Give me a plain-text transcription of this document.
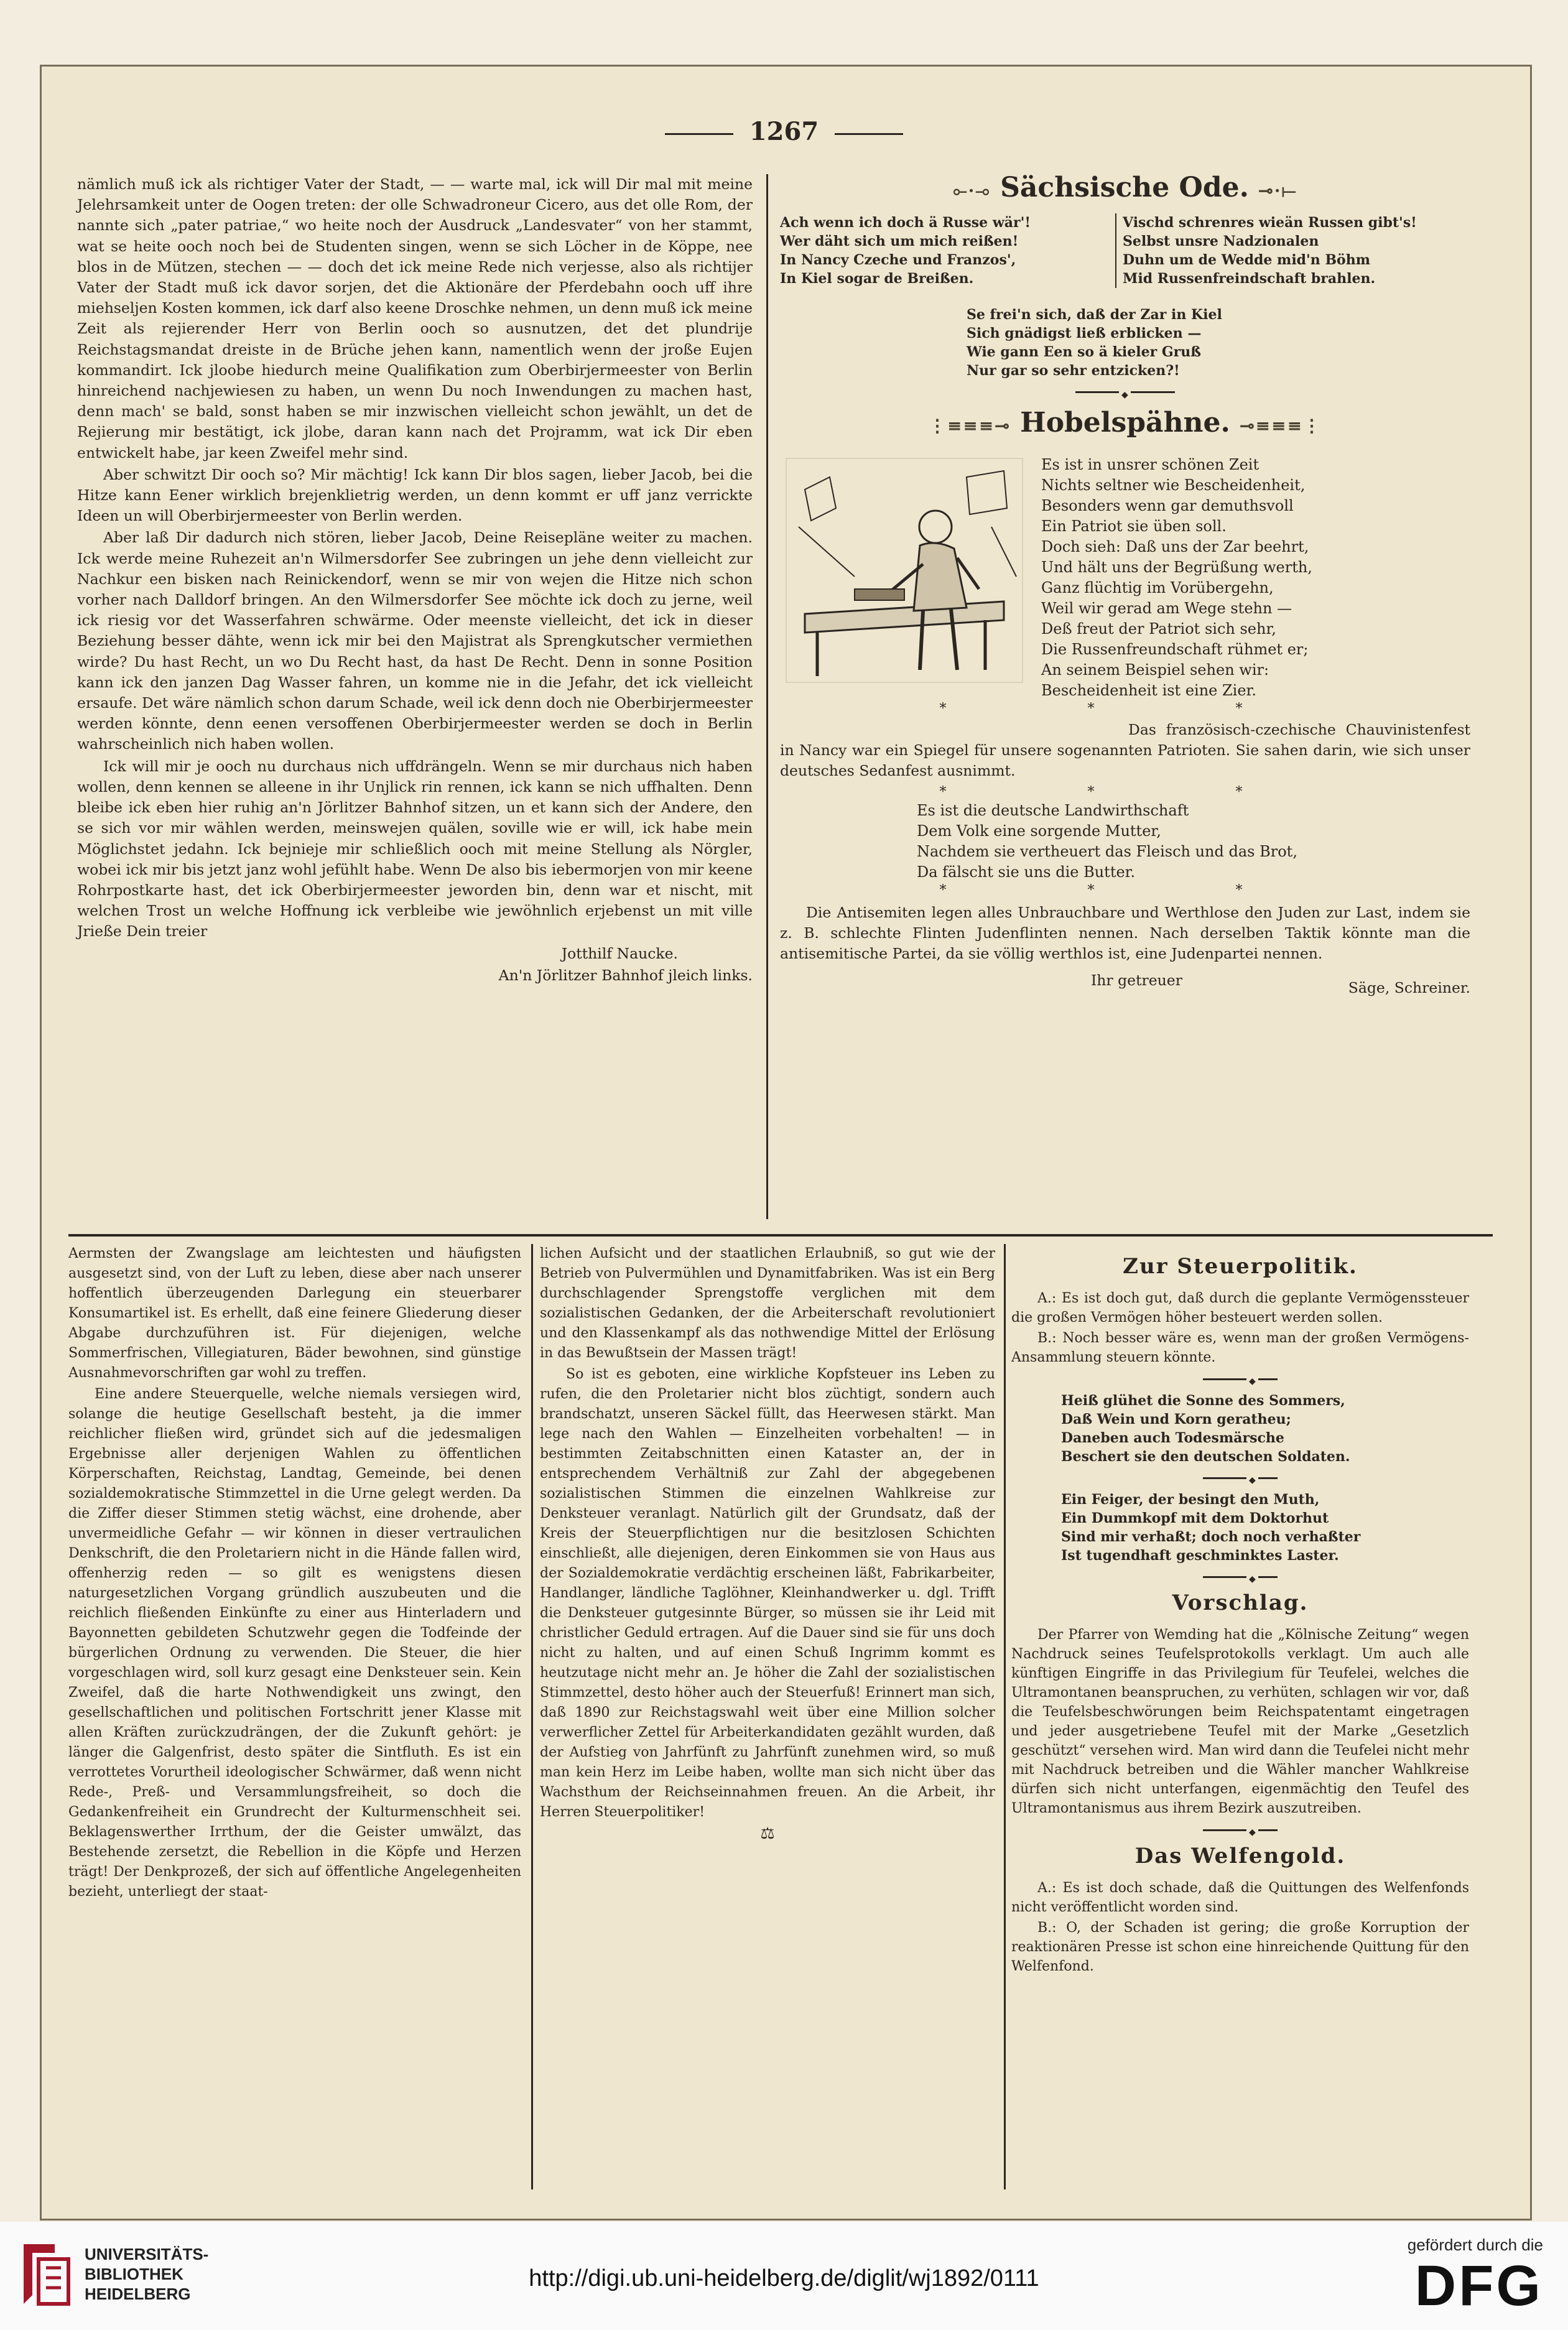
1267

nämlich muß ick als richtiger Vater der Stadt, — — warte mal, ick will Dir mal mit meine Jelehrsamkeit unter de Oogen treten: der olle Schwadroneur Cicero, aus det olle Rom, der nannte sich „pater patriae,“ wo heite noch der Ausdruck „Landesvater“ von her stammt, wat se heite ooch noch bei de Studenten singen, wenn se sich Löcher in de Köppe, nee blos in de Mützen, stechen — — doch det ick meine Rede nich verjesse, also als richtijer Vater der Stadt muß ick davor sorjen, det die Aktionäre der Pferdebahn ooch uff ihre miehseljen Kosten kommen, ick darf also keene Droschke nehmen, un denn muß ick meine Zeit als rejierender Herr von Berlin ooch so ausnutzen, det det plundrije Reichstagsmandat dreiste in de Brüche jehen kann, namentlich wenn der jroße Eujen kommandirt. Ick jloobe hiedurch meine Qualifikation zum Oberbirjermeester von Berlin hinreichend nachjewiesen zu haben, un wenn Du noch Inwendungen zu machen hast, denn mach' se bald, sonst haben se mir inzwischen vielleicht schon jewählt, un det de Rejierung mir bestätigt, ick jlobe, daran kann nach det Projramm, wat ick Dir eben entwickelt habe, jar keen Zweifel mehr sind.

Aber schwitzt Dir ooch so? Mir mächtig! Ick kann Dir blos sagen, lieber Jacob, bei die Hitze kann Eener wirklich brejenklietrig werden, un denn kommt er uff janz verrickte Ideen un will Oberbirjermeester von Berlin werden.

Aber laß Dir dadurch nich stören, lieber Jacob, Deine Reisepläne weiter zu machen. Ick werde meine Ruhezeit an'n Wilmersdorfer See zubringen un jehe denn vielleicht zur Nachkur een bisken nach Reinickendorf, wenn se mir von wejen die Hitze nich schon vorher nach Dalldorf bringen. An den Wilmersdorfer See möchte ick doch zu jerne, weil ick riesig vor det Wasserfahren schwärme. Oder meenste vielleicht, det ick in dieser Beziehung besser dähte, wenn ick mir bei den Majistrat als Sprengkutscher vermiethen wirde? Du hast Recht, un wo Du Recht hast, da hast De Recht. Denn in sonne Position kann ick den janzen Dag Wasser fahren, un komme nie in die Jefahr, det ick vielleicht ersaufe. Det wäre nämlich schon darum Schade, weil ick denn doch nie Oberbirjermeester werden könnte, denn eenen versoffenen Oberbirjermeester werden se doch in Berlin wahrscheinlich nich haben wollen.

Ick will mir je ooch nu durchaus nich uffdrängeln. Wenn se mir durchaus nich haben wollen, denn kennen se alleene in ihr Unjlick rin rennen, ick kann se nich uffhalten. Denn bleibe ick eben hier ruhig an'n Jörlitzer Bahnhof sitzen, un et kann sich der Andere, den se sich vor mir wählen werden, meinswejen quälen, soville wie er will, ick habe mein Möglichstet jedahn. Ick bejnieje mir schließlich ooch mit meine Stellung als Nörgler, wobei ick mir bis jetzt janz wohl jefühlt habe. Wenn De also bis iebermorjen von mir keene Rohrpostkarte hast, det ick Oberbirjermeester jeworden bin, denn war et nischt, mit welchen Trost un welche Hoffnung ick verbleibe wie jewöhnlich erjebenst un mit ville Jrieße Dein treier

Jotthilf Naucke.

An'n Jörlitzer Bahnhof jleich links.

⟜·⊸ Sächsische Ode. ⊸·⟝
Ach wenn ich doch ä Russe wär'!
Wer däht sich um mich reißen!
In Nancy Czeche und Franzos',
In Kiel sogar de Breißen.
Vischd schrenres wieän Russen gibt's!
Selbst unsre Nadzionalen
Duhn um de Wedde mid'n Böhm
Mid Russenfreindschaft brahlen.
Se frei'n sich, daß der Zar in Kiel
Sich gnädigst ließ erblicken —
Wie gann Een so ä kieler Gruß
Nur gar so sehr entzicken?!
◆
⋮≡≡≡⊸ Hobelspähne. ⊸≡≡≡⋮
Es ist in unsrer schönen Zeit
Nichts seltner wie Bescheidenheit,
Besonders wenn gar demuthsvoll
Ein Patriot sie üben soll.
Doch sieh: Daß uns der Zar beehrt,
Und hält uns der Begrüßung werth,
Ganz flüchtig im Vorübergehn,
Weil wir gerad am Wege stehn —
Deß freut der Patriot sich sehr,
Die Russenfreundschaft rühmet er;
An seinem Beispiel sehen wir:
Bescheidenheit ist eine Zier.
* * *

Das französisch-czechische Chauvinistenfest in Nancy war ein Spiegel für unsere sogenannten Patrioten. Sie sahen darin, wie sich unser deutsches Sedanfest ausnimmt.

* * *
Es ist die deutsche Landwirthschaft
Dem Volk eine sorgende Mutter,
Nachdem sie vertheuert das Fleisch und das Brot,
Da fälscht sie uns die Butter.
* * *

Die Antisemiten legen alles Unbrauchbare und Werthlose den Juden zur Last, indem sie z. B. schlechte Flinten Judenflinten nennen. Nach derselben Taktik könnte man die antisemitische Partei, da sie völlig werthlos ist, eine Judenpartei nennen.

Ihr getreuer	Säge, Schreiner.

Aermsten der Zwangslage am leichtesten und häufigsten ausgesetzt sind, von der Luft zu leben, diese aber nach unserer hoffentlich überzeugenden Darlegung ein steuerbarer Konsumartikel ist. Es erhellt, daß eine feinere Gliederung dieser Abgabe durchzuführen ist. Für diejenigen, welche Sommerfrischen, Villegiaturen, Bäder bewohnen, sind günstige Ausnahmevorschriften gar wohl zu treffen.

Eine andere Steuerquelle, welche niemals versiegen wird, solange die heutige Gesellschaft besteht, ja die immer reichlicher fließen wird, gründet sich auf die jedesmaligen Ergebnisse aller derjenigen Wahlen zu öffentlichen Körperschaften, Reichstag, Landtag, Gemeinde, bei denen sozialdemokratische Stimmzettel in die Urne gelegt werden. Da die Ziffer dieser Stimmen stetig wächst, eine drohende, aber unvermeidliche Gefahr — wir können in dieser vertraulichen Denkschrift, die den Proletariern nicht in die Hände fallen wird, offenherzig reden — so gilt es wenigstens diesen naturgesetzlichen Vorgang gründlich auszubeuten und die reichlich fließenden Einkünfte zu einer aus Hinterladern und Bayonnetten gebildeten Schutzwehr gegen die Todfeinde der bürgerlichen Ordnung zu verwenden. Die Steuer, die hier vorgeschlagen wird, soll kurz gesagt eine Denksteuer sein. Kein Zweifel, daß die harte Nothwendigkeit uns zwingt, den gesellschaftlichen und politischen Fortschritt jener Klasse mit allen Kräften zurückzudrängen, der die Zukunft gehört: je länger die Galgenfrist, desto später die Sintfluth. Es ist ein verrottetes Vorurtheil ideologischer Schwärmer, daß wenn nicht Rede-, Preß- und Versammlungsfreiheit, so doch die Gedankenfreiheit ein Grundrecht der Kulturmenschheit sei. Beklagenswerther Irrthum, der die Geister umwälzt, das Bestehende zersetzt, die Rebellion in die Köpfe und Herzen trägt! Der Denkprozeß, der sich auf öffentliche Angelegenheiten bezieht, unterliegt der staat-

lichen Aufsicht und der staatlichen Erlaubniß, so gut wie der Betrieb von Pulvermühlen und Dynamitfabriken. Was ist ein Berg durchschlagender Sprengstoffe verglichen mit dem sozialistischen Gedanken, der die Arbeiterschaft revolutioniert und den Klassenkampf als das nothwendige Mittel der Erlösung in das Bewußtsein der Massen trägt!

So ist es geboten, eine wirkliche Kopfsteuer ins Leben zu rufen, die den Proletarier nicht blos züchtigt, sondern auch brandschatzt, unseren Säckel füllt, das Heerwesen stärkt. Man lege nach den Wahlen — Einzelheiten vorbehalten! — in bestimmten Zeitabschnitten einen Kataster an, der in entsprechendem Verhältniß zur Zahl der abgegebenen sozialistischen Stimmen die einzelnen Wahlkreise zur Denksteuer veranlagt. Natürlich gilt der Grundsatz, daß der Kreis der Steuerpflichtigen nur die besitzlosen Schichten einschließt, alle diejenigen, deren Einkommen sie von Haus aus der Sozialdemokratie verdächtig erscheinen läßt, Fabrikarbeiter, Handlanger, ländliche Taglöhner, Kleinhandwerker u. dgl. Trifft die Denksteuer gutgesinnte Bürger, so müssen sie ihr Leid mit christlicher Geduld ertragen. Auf die Dauer sind sie für uns doch nicht zu halten, und auf einen Schuß Ingrimm kommt es heutzutage nicht mehr an. Je höher die Zahl der sozialistischen Stimmzettel, desto höher auch der Steuerfuß! Erinnert man sich, daß 1890 zur Reichstagswahl weit über eine Million solcher verwerflicher Zettel für Arbeiterkandidaten gezählt wurden, daß der Aufstieg von Jahrfünft zu Jahrfünft zunehmen wird, so muß man kein Herz im Leibe haben, wollte man sich nicht über das Wachsthum der Reichseinnahmen freuen. An die Arbeit, ihr Herren Steuerpolitiker!

⚖
Zur Steuerpolitik.

A.: Es ist doch gut, daß durch die geplante Vermögenssteuer die großen Vermögen höher besteuert werden sollen.

B.: Noch besser wäre es, wenn man der großen Vermögens-Ansammlung steuern könnte.

◆
Heiß glühet die Sonne des Sommers,
Daß Wein und Korn geratheu;
Daneben auch Todesmärsche
Beschert sie den deutschen Soldaten.
◆
Ein Feiger, der besingt den Muth,
Ein Dummkopf mit dem Doktorhut
Sind mir verhaßt; doch noch verhaßter
Ist tugendhaft geschminktes Laster.
◆
Vorschlag.

Der Pfarrer von Wemding hat die „Kölnische Zeitung“ wegen Nachdruck seines Teufelsprotokolls verklagt. Um auch alle künftigen Eingriffe in das Privilegium für Teufelei, welches die Ultramontanen beanspruchen, zu verhüten, schlagen wir vor, daß die Teufelsbeschwörungen beim Reichspatentamt eingetragen und jeder ausgetriebene Teufel mit der Marke „Gesetzlich geschützt“ versehen wird. Man wird dann die Teufelei nicht mehr mit Nachdruck betreiben und die Wähler mancher Wahlkreise dürfen sich nicht unterfangen, eigenmächtig den Teufel des Ultramontanismus aus ihrem Bezirk auszutreiben.

◆
Das Welfengold.

A.: Es ist doch schade, daß die Quittungen des Welfenfonds nicht veröffentlicht worden sind.

B.: O, der Schaden ist gering; die große Korruption der reaktionären Presse ist schon eine hinreichende Quittung für den Welfenfond.

UNIVERSITÄTS-
BIBLIOTHEK
HEIDELBERG
http://digi.ub.uni-heidelberg.de/diglit/wj1892/0111
gefördert durch die
DFG
